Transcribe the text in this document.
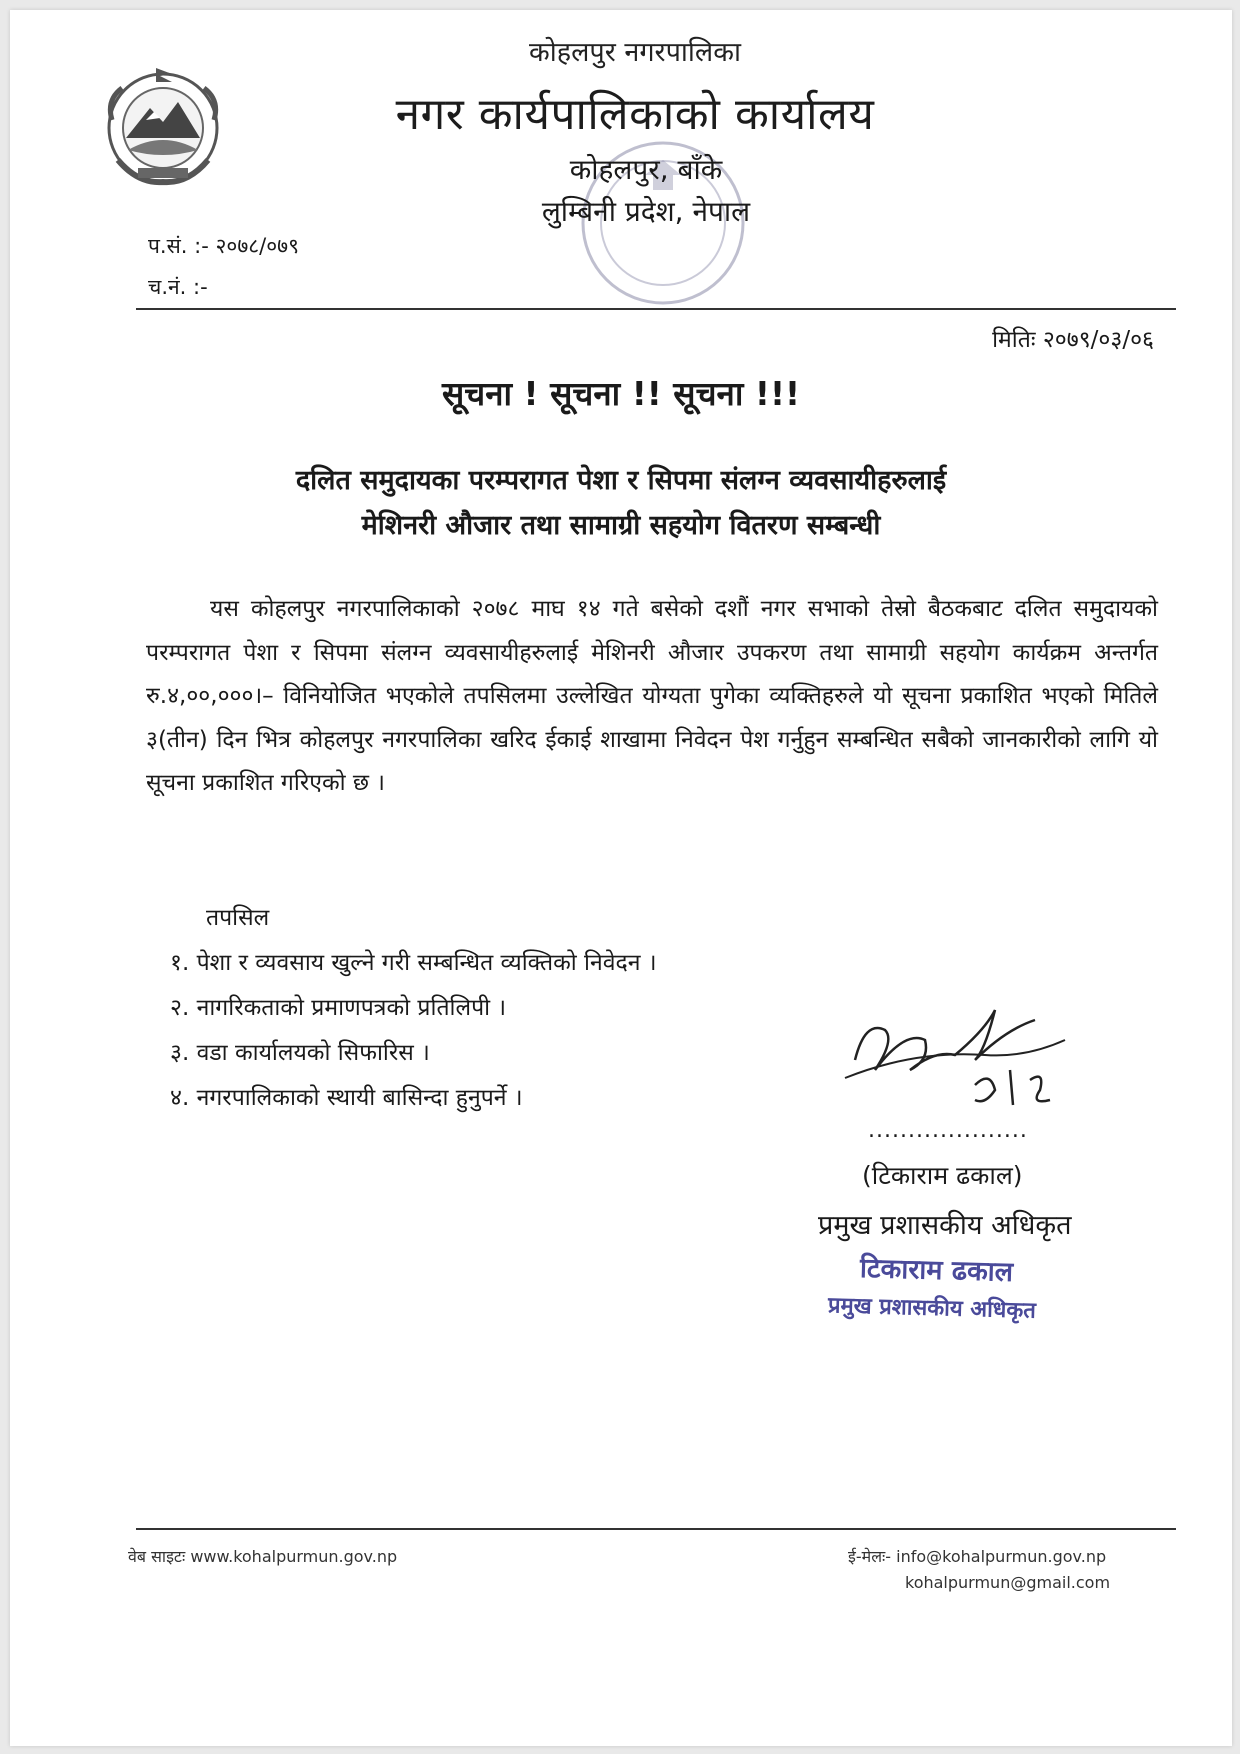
कोहलपुर नगरपालिका
नगर कार्यपालिकाको कार्यालय
कोहलपुर, बाँके
लुम्बिनी प्रदेश, नेपाल
प.सं. :- २०७८/०७९
च.नं. :-
मितिः २०७९/०३/०६
सूचना ! सूचना !! सूचना !!!
दलित समुदायका परम्परागत पेशा र सिपमा संलग्न व्यवसायीहरुलाई
मेशिनरी औजार तथा सामाग्री सहयोग वितरण सम्बन्धी
यस कोहलपुर नगरपालिकाको २०७८ माघ १४ गते बसेको दशौं नगर सभाको तेस्रो बैठकबाट दलित समुदायको परम्परागत पेशा र सिपमा संलग्न व्यवसायीहरुलाई मेशिनरी औजार उपकरण तथा सामाग्री सहयोग कार्यक्रम अन्तर्गत रु.४,००,०००।– विनियोजित भएकोले तपसिलमा उल्लेखित योग्यता पुगेका व्यक्तिहरुले यो सूचना प्रकाशित भएको मितिले ३(तीन) दिन भित्र कोहलपुर नगरपालिका खरिद ईकाई शाखामा निवेदन पेश गर्नुहुन सम्बन्धित सबैको जानकारीको लागि यो सूचना प्रकाशित गरिएको छ ।
तपसिल
१. पेशा र व्यवसाय खुल्ने गरी सम्बन्धित व्यक्तिको निवेदन ।
२. नागरिकताको प्रमाणपत्रको प्रतिलिपी ।
३. वडा कार्यालयको सिफारिस ।
४. नगरपालिकाको स्थायी बासिन्दा हुनुपर्ने ।
....................
(टिकाराम ढकाल)
प्रमुख प्रशासकीय अधिकृत
टिकाराम ढकाल
प्रमुख प्रशासकीय अधिकृत
वेब साइटः www.kohalpurmun.gov.np	ई-मेलः- info@kohalpurmun.gov.np
kohalpurmun@gmail.com
